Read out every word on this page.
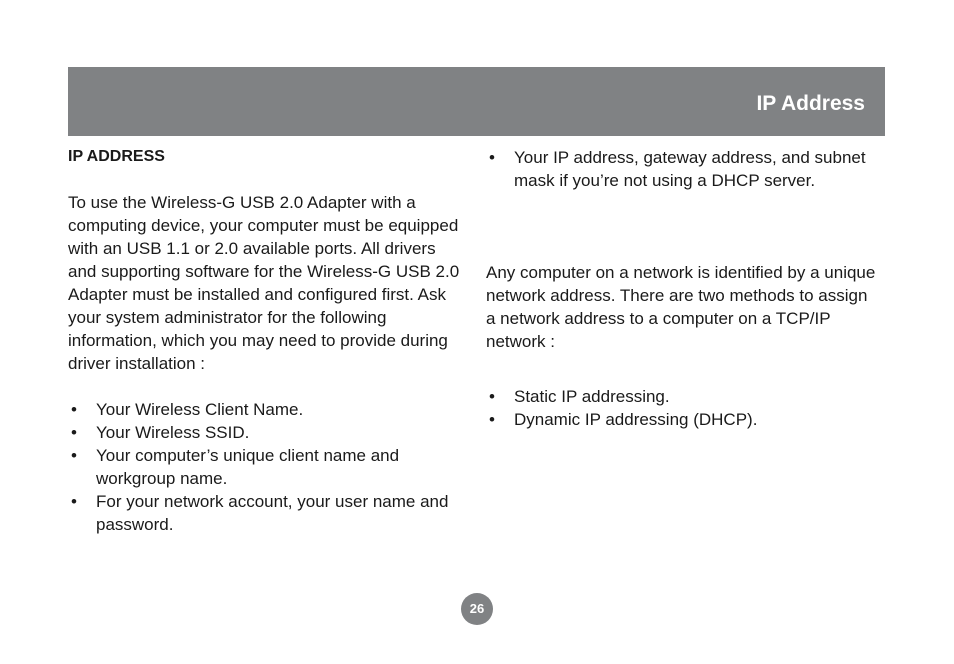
IP Address
IP ADDRESS

To use the Wireless-G USB 2.0 Adapter with a computing device, your computer must be equipped with an USB 1.1 or 2.0 available ports. All drivers and supporting software for the Wireless-G USB 2.0 Adapter must be installed and configured first. Ask your system administrator for the following information, which you may need to provide during driver installation :

• Your Wireless Client Name.
• Your Wireless SSID.
• Your computer’s unique client name and workgroup name.
• For your network account, your user name and password.
• Your IP address, gateway address, and subnet mask if you’re not using a DHCP server.

Any computer on a network is identified by a unique network address. There are two methods to assign a network address to a computer on a TCP/IP network :

• Static IP addressing.
• Dynamic IP addressing (DHCP).
26
